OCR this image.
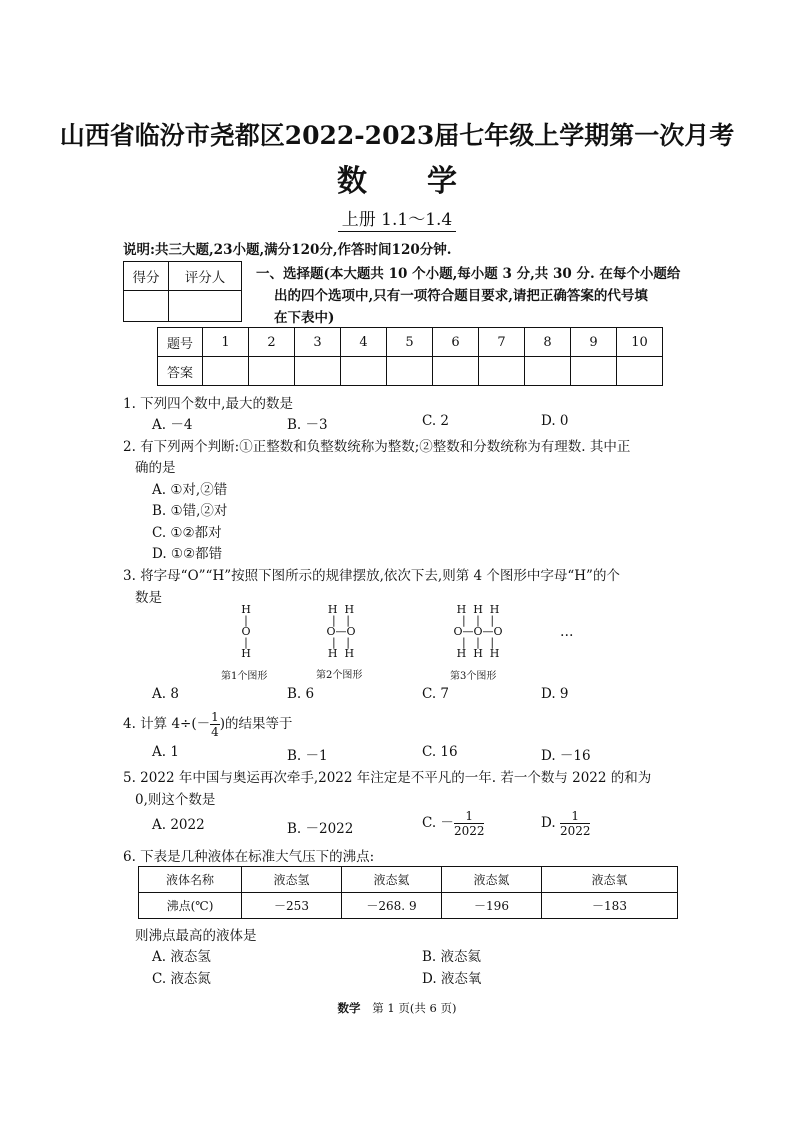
山西省临汾市尧都区2022-2023届七年级上学期第一次月考
数学
上册 1.1～1.4
说明:共三大题,23小题,满分120分,作答时间120分钟.
得分	评分人
	一、选择题(本大题共 10 个小题,每小题 3 分,共 30 分. 在每个小题给
出的四个选项中,只有一项符合题目要求,请把正确答案的代号填
在下表中)
题号	1	2	3	4	5	6	7	8	9	10
答案										
1. 下列四个数中,最大的数是
A. －4	B. －3	C. 2	D. 0
2. 有下列两个判断:①正整数和负整数统称为整数;②整数和分数统称为有理数. 其中正
确的是
A. ①对,②错
B. ①错,②对
C. ①②都对
D. ①②都错
3. 将字母“O”“H”按照下图所示的规律摆放,依次下去,则第 4 个图形中字母“H”的个
数是
H
|
O
|
H
第1个图形
H  H
|   |
O—O
|   |
H  H
第2个图形
H  H  H
|   |   |
O—O—O
|   |   |
H  H  H
第3个图形
…
A. 8	B. 6	C. 7	D. 9
4. 计算 $4\div(- \frac{1}{4}$ )的结果等于
A. 1	B. －1	C. 16	D. －16
5. 2022 年中国与奥运再次牵手,2022 年注定是不平凡的一年. 若一个数与 2022 的和为
0,则这个数是
A. 2022	B. －2022	C. － $\frac{1}{2022}$	D. $\frac{1}{2022}$
6. 下表是几种液体在标准大气压下的沸点:
液体名称	液态氢	液态氦	液态氮	液态氧
沸点(℃)	－253	－268. 9	－196	－183
则沸点最高的液体是
A. 液态氢	B. 液态氦
C. 液态氮	D. 液态氧
数学 第 1 页(共 6 页)
